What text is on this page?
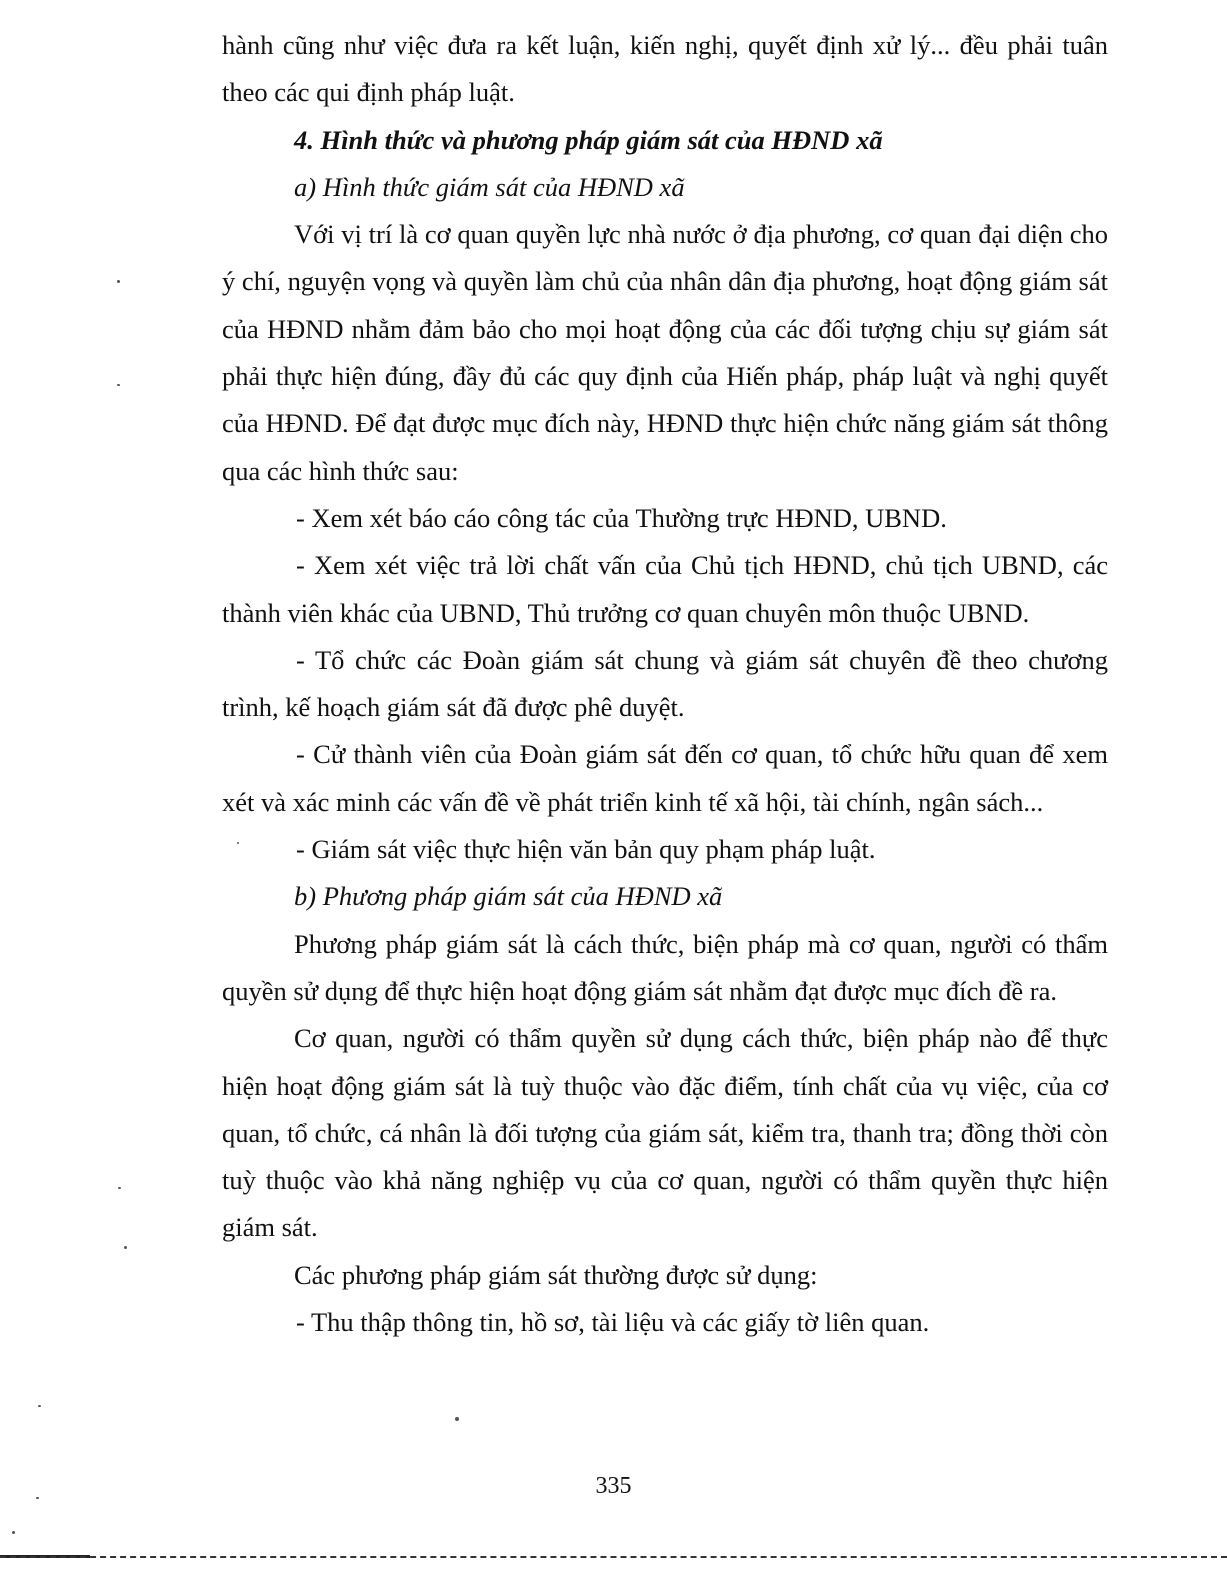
hành cũng như việc đưa ra kết luận, kiến nghị, quyết định xử lý... đều phải tuân theo các qui định pháp luật.

4. Hình thức và phương pháp giám sát của HĐND xã

a) Hình thức giám sát của HĐND xã

Với vị trí là cơ quan quyền lực nhà nước ở địa phương, cơ quan đại diện cho ý chí, nguyện vọng và quyền làm chủ của nhân dân địa phương, hoạt động giám sát của HĐND nhằm đảm bảo cho mọi hoạt động của các đối tượng chịu sự giám sát phải thực hiện đúng, đầy đủ các quy định của Hiến pháp, pháp luật và nghị quyết của HĐND. Để đạt được mục đích này, HĐND thực hiện chức năng giám sát thông qua các hình thức sau:

- Xem xét báo cáo công tác của Thường trực HĐND, UBND.

- Xem xét việc trả lời chất vấn của Chủ tịch HĐND, chủ tịch UBND, các thành viên khác của UBND, Thủ trưởng cơ quan chuyên môn thuộc UBND.

- Tổ chức các Đoàn giám sát chung và giám sát chuyên đề theo chương trình, kế hoạch giám sát đã được phê duyệt.

- Cử thành viên của Đoàn giám sát đến cơ quan, tổ chức hữu quan để xem xét và xác minh các vấn đề về phát triển kinh tế xã hội, tài chính, ngân sách...

- Giám sát việc thực hiện văn bản quy phạm pháp luật.

b) Phương pháp giám sát của HĐND xã

Phương pháp giám sát là cách thức, biện pháp mà cơ quan, người có thẩm quyền sử dụng để thực hiện hoạt động giám sát nhằm đạt được mục đích đề ra.

Cơ quan, người có thẩm quyền sử dụng cách thức, biện pháp nào để thực hiện hoạt động giám sát là tuỳ thuộc vào đặc điểm, tính chất của vụ việc, của cơ quan, tổ chức, cá nhân là đối tượng của giám sát, kiểm tra, thanh tra; đồng thời còn tuỳ thuộc vào khả năng nghiệp vụ của cơ quan, người có thẩm quyền thực hiện giám sát.

Các phương pháp giám sát thường được sử dụng:

- Thu thập thông tin, hồ sơ, tài liệu và các giấy tờ liên quan.

335
